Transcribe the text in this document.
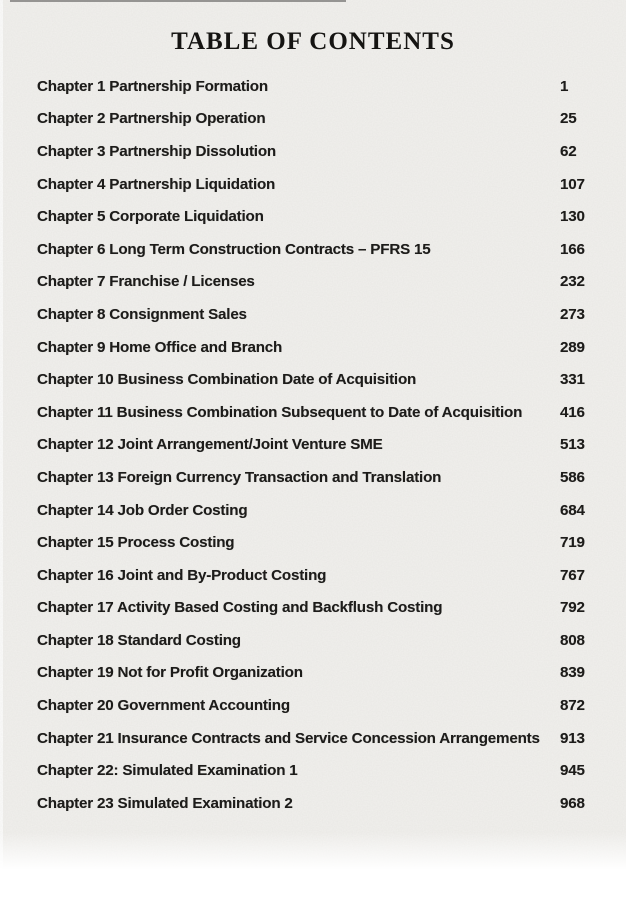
TABLE OF CONTENTS
Chapter 1 Partnership Formation	1
Chapter 2 Partnership Operation	25
Chapter 3 Partnership Dissolution	62
Chapter 4 Partnership Liquidation	107
Chapter 5 Corporate Liquidation	130
Chapter 6 Long Term Construction Contracts – PFRS 15	166
Chapter 7 Franchise / Licenses	232
Chapter 8 Consignment Sales	273
Chapter 9 Home Office and Branch	289
Chapter 10 Business Combination Date of Acquisition	331
Chapter 11 Business Combination Subsequent to Date of Acquisition	416
Chapter 12 Joint Arrangement/Joint Venture SME	513
Chapter 13 Foreign Currency Transaction and Translation	586
Chapter 14 Job Order Costing	684
Chapter 15 Process Costing	719
Chapter 16 Joint and By-Product Costing	767
Chapter 17 Activity Based Costing and Backflush Costing	792
Chapter 18 Standard Costing	808
Chapter 19 Not for Profit Organization	839
Chapter 20 Government Accounting	872
Chapter 21 Insurance Contracts and Service Concession Arrangements	913
Chapter 22: Simulated Examination 1	945
Chapter 23 Simulated Examination 2	968
